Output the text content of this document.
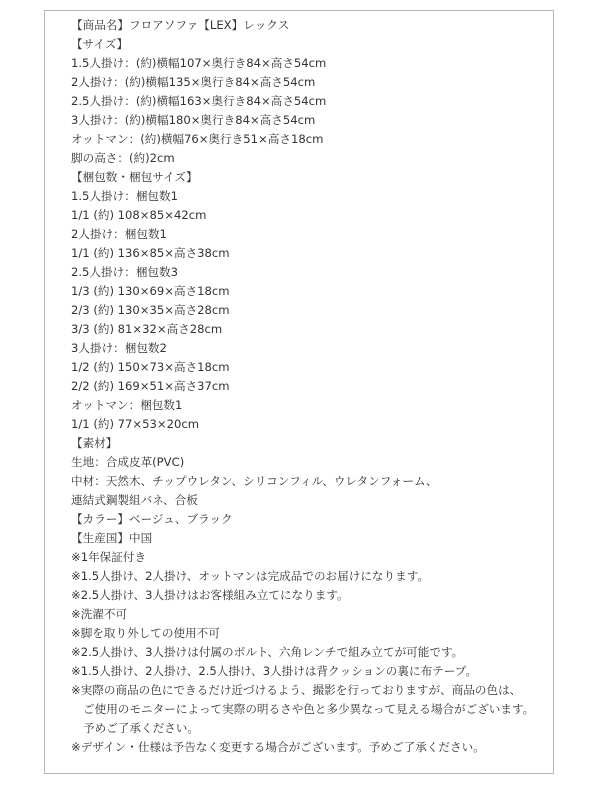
【商品名】フロアソファ【LEX】レックス
【サイズ】
1.5人掛け：(約)横幅107×奥行き84×高さ54cm
2人掛け：(約)横幅135×奥行き84×高さ54cm
2.5人掛け：(約)横幅163×奥行き84×高さ54cm
3人掛け：(約)横幅180×奥行き84×高さ54cm
オットマン：(約)横幅76×奥行き51×高さ18cm
脚の高さ：(約)2cm
【梱包数・梱包サイズ】
1.5人掛け：梱包数1
1/1 (約) 108×85×42cm
2人掛け：梱包数1
1/1 (約) 136×85×高さ38cm
2.5人掛け：梱包数3
1/3 (約) 130×69×高さ18cm
2/3 (約) 130×35×高さ28cm
3/3 (約) 81×32×高さ28cm
3人掛け：梱包数2
1/2 (約) 150×73×高さ18cm
2/2 (約) 169×51×高さ37cm
オットマン：梱包数1
1/1 (約) 77×53×20cm
【素材】
生地：合成皮革(PVC)
中材：天然木、チップウレタン、シリコンフィル、ウレタンフォーム、
連結式鋼製組バネ、合板
【カラー】ベージュ、ブラック
【生産国】中国
※1年保証付き
※1.5人掛け、2人掛け、オットマンは完成品でのお届けになります。
※2.5人掛け、3人掛けはお客様組み立てになります。
※洗濯不可
※脚を取り外しての使用不可
※2.5人掛け、3人掛けは付属のボルト、六角レンチで組み立てが可能です。
※1.5人掛け、2人掛け、2.5人掛け、3人掛けは背クッションの裏に布テープ。
※実際の商品の色にできるだけ近づけるよう、撮影を行っておりますが、商品の色は、
ご使用のモニターによって実際の明るさや色と多少異なって見える場合がございます。
予めご了承ください。
※デザイン・仕様は予告なく変更する場合がございます。予めご了承ください。
